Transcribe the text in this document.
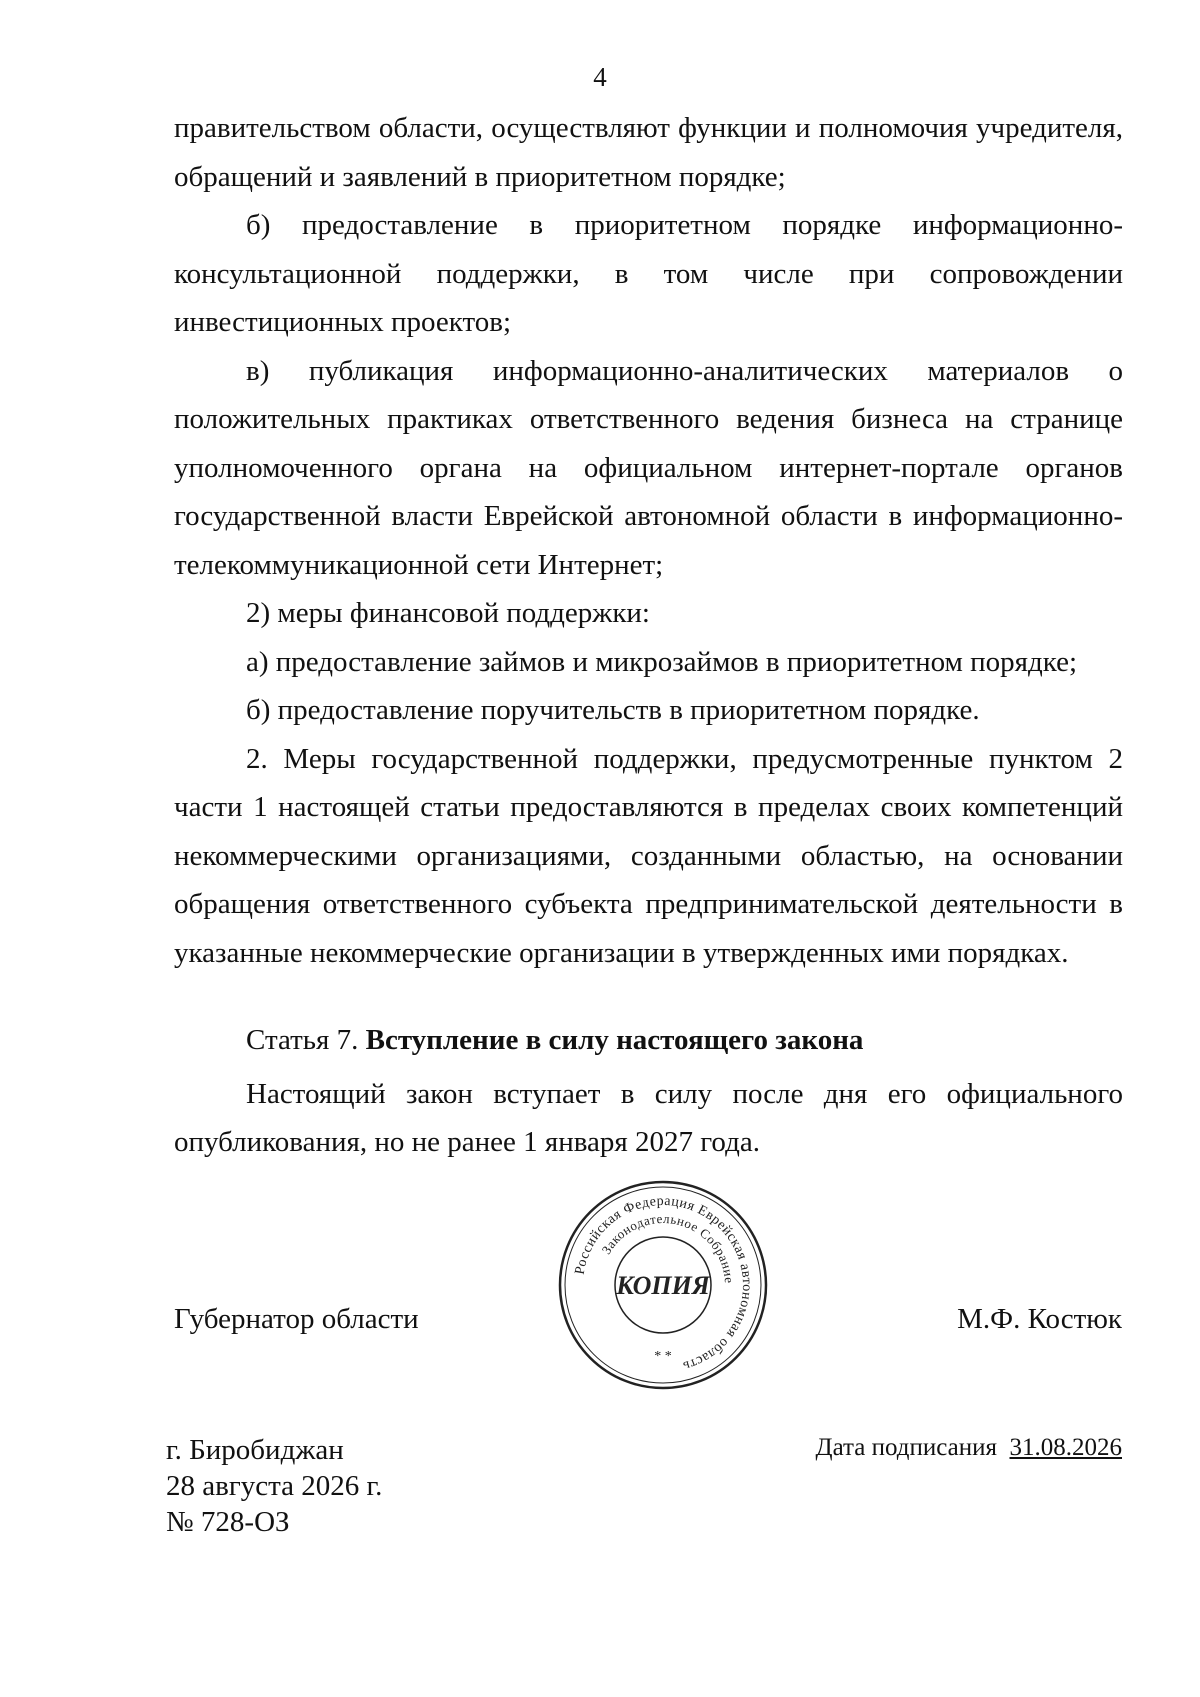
4

правительством области, осуществляют функции и полномочия учредителя, обращений и заявлений в приоритетном порядке;

б) предоставление в приоритетном порядке информационно-консультационной поддержки, в том числе при сопровождении инвестиционных проектов;

в) публикация информационно-аналитических материалов о положительных практиках ответственного ведения бизнеса на странице уполномоченного органа на официальном интернет-портале органов государственной власти Еврейской автономной области в информационно-телекоммуникационной сети Интернет;

2) меры финансовой поддержки:

а) предоставление займов и микрозаймов в приоритетном порядке;

б) предоставление поручительств в приоритетном порядке.

2. Меры государственной поддержки, предусмотренные пунктом 2 части 1 настоящей статьи предоставляются в пределах своих компетенций некоммерческими организациями, созданными областью, на основании обращения ответственного субъекта предпринимательской деятельности в указанные некоммерческие организации в утвержденных ими порядках.

Статья 7. Вступление в силу настоящего закона

Настоящий закон вступает в силу после дня его официального опубликования, но не ранее 1 января 2027 года.

Губернатор области	М.Ф. Костюк
Российская Федерация Еврейская автономная область
Законодательное Собрание
КОПИЯ
* *
г. Биробиджан
28 августа 2026 г.
№ 728-ОЗ
Дата подписания 31.08.2026
